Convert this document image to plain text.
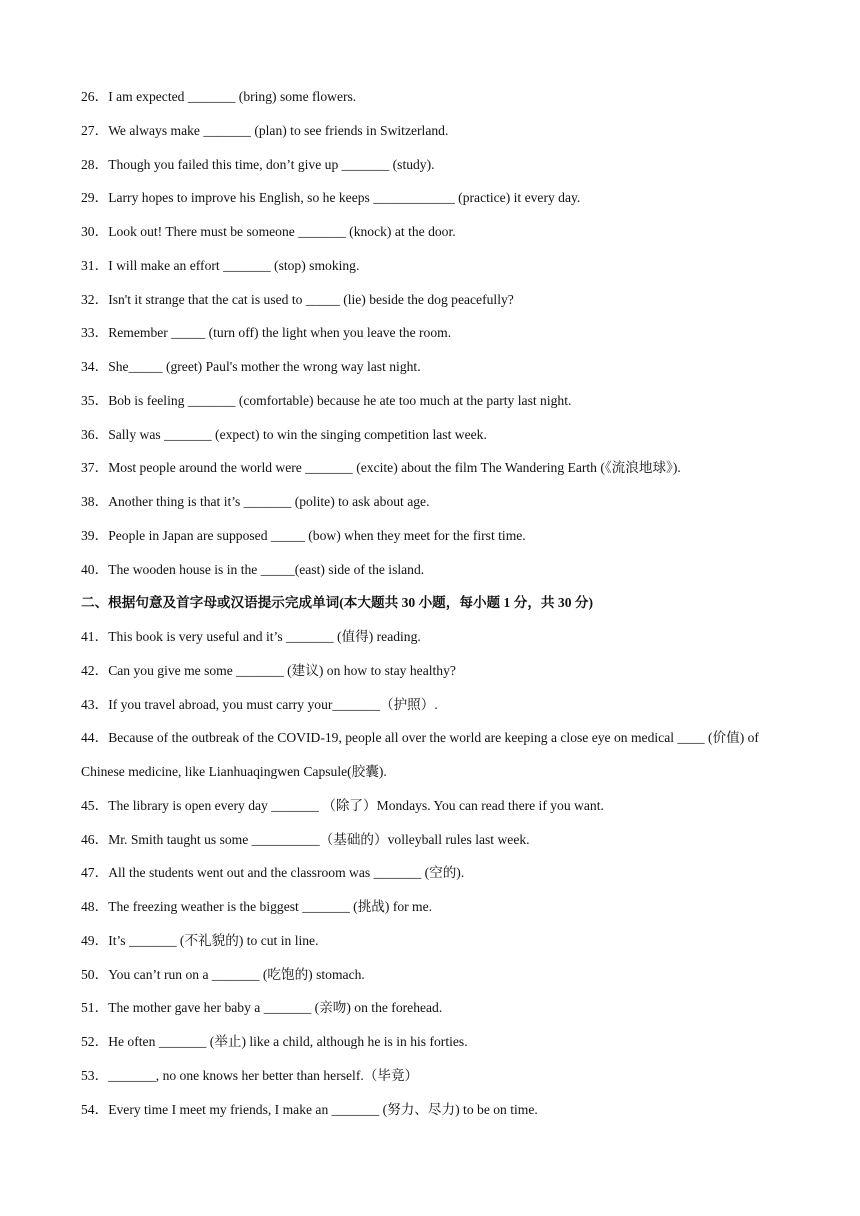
26．I am expected _______ (bring) some flowers.
27．We always make _______ (plan) to see friends in Switzerland.
28．Though you failed this time, don’t give up _______ (study).
29．Larry hopes to improve his English, so he keeps ____________ (practice) it every day.
30．Look out! There must be someone _______ (knock) at the door.
31．I will make an effort _______ (stop) smoking.
32．Isn't it strange that the cat is used to _____ (lie) beside the dog peacefully?
33．Remember _____ (turn off) the light when you leave the room.
34．She_____ (greet) Paul's mother the wrong way last night.
35．Bob is feeling _______ (comfortable) because he ate too much at the party last night.
36．Sally was _______ (expect) to win the singing competition last week.
37．Most people around the world were _______ (excite) about the film The Wandering Earth (《流浪地球》).
38．Another thing is that it’s _______ (polite) to ask about age.
39．People in Japan are supposed _____ (bow) when they meet for the first time.
40．The wooden house is in the _____(east) side of the island.
二、根据句意及首字母或汉语提示完成单词(本大题共 30 小题，每小题 1 分，共 30 分)
41．This book is very useful and it’s _______ (值得) reading.
42．Can you give me some _______ (建议) on how to stay healthy?
43．If you travel abroad, you must carry your_______（护照）.
44．Because of the outbreak of the COVID-19, people all over the world are keeping a close eye on medical ____ (价值) of Chinese medicine, like Lianhuaqingwen Capsule(胶囊).
45．The library is open every day _______ （除了）Mondays. You can read there if you want.
46．Mr. Smith taught us some __________（基础的）volleyball rules last week.
47．All the students went out and the classroom was _______ (空的).
48．The freezing weather is the biggest _______ (挑战) for me.
49．It’s _______ (不礼貌的) to cut in line.
50．You can’t run on a _______ (吃饱的) stomach.
51．The mother gave her baby a _______ (亲吻) on the forehead.
52．He often _______ (举止) like a child, although he is in his forties.
53．_______, no one knows her better than herself.（毕竟）
54．Every time I meet my friends, I make an _______ (努力、尽力) to be on time.
